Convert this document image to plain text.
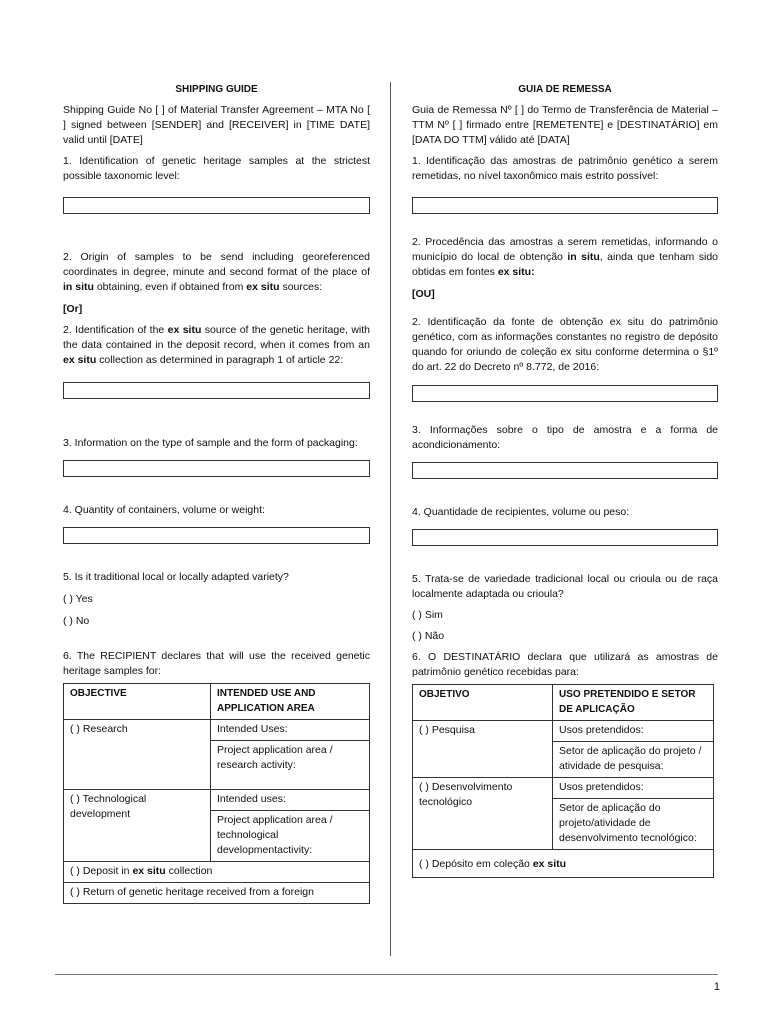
SHIPPING GUIDE

Shipping Guide No [ ] of Material Transfer Agreement – MTA No [ ] signed between [SENDER] and [RECEIVER] in [TIME DATE] valid until [DATE]

1. Identification of genetic heritage samples at the strictest possible taxonomic level:

2. Origin of samples to be send including georeferenced coordinates in degree, minute and second format of the place of in situ obtaining, even if obtained from ex situ sources:

[Or]

2. Identification of the ex situ source of the genetic heritage, with the data contained in the deposit record, when it comes from an ex situ collection as determined in paragraph 1 of article 22:

3. Information on the type of sample and the form of packaging:

4. Quantity of containers, volume or weight:

5. Is it traditional local or locally adapted variety?

( ) Yes

( ) No

6. The RECIPIENT declares that will use the received genetic heritage samples for:

OBJECTIVE	INTENDED USE AND APPLICATION AREA
( ) Research	Intended Uses:
	Project application area / research activity:
( ) Technological development	Intended uses:
	Project application area / technological developmentactivity:
( ) Deposit in ex situ collection	
( ) Return of genetic heritage received from a foreign	
GUIA DE REMESSA

Guia de Remessa Nº [ ] do Termo de Transferência de Material – TTM Nº [ ] firmado entre [REMETENTE] e [DESTINATÁRIO] em [DATA DO TTM] válido até [DATA]

1. Identificação das amostras de patrimônio genético a serem remetidas, no nível taxonômico mais estrito possível:

2. Procedência das amostras a serem remetidas, informando o município do local de obtenção in situ, ainda que tenham sido obtidas em fontes ex situ:

[OU]

2. Identificação da fonte de obtenção ex situ do patrimônio genético, com as informações constantes no registro de depósito quando for oriundo de coleção ex situ conforme determina o §1º do art. 22 do Decreto nº 8.772, de 2016:

3. Informações sobre o tipo de amostra e a forma de acondicionamento:

4. Quantidade de recipientes, volume ou peso:

5. Trata-se de variedade tradicional local ou crioula ou de raça localmente adaptada ou crioula?

( ) Sim

( ) Não

6. O DESTINATÁRIO declara que utilizará as amostras de patrimônio genético recebidas para:

OBJETIVO	USO PRETENDIDO E SETOR DE APLICAÇÃO
( ) Pesquisa	Usos pretendidos:
	Setor de aplicação do projeto / atividade de pesquisa:
( ) Desenvolvimento tecnológico	Usos pretendidos:
	Setor de aplicação do projeto/atividade de desenvolvimento tecnológico:
( ) Depósito em coleção ex situ	
1
